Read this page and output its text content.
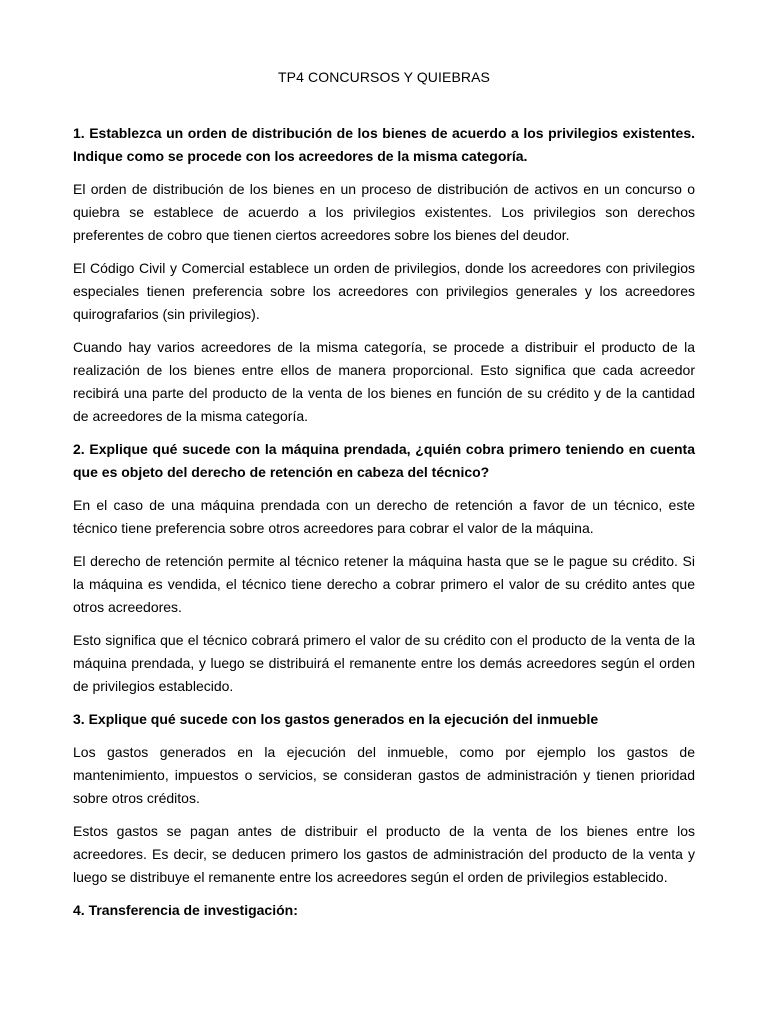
TP4 CONCURSOS Y QUIEBRAS

1. Establezca un orden de distribución de los bienes de acuerdo a los privilegios existentes. Indique como se procede con los acreedores de la misma categoría.

El orden de distribución de los bienes en un proceso de distribución de activos en un concurso o quiebra se establece de acuerdo a los privilegios existentes. Los privilegios son derechos preferentes de cobro que tienen ciertos acreedores sobre los bienes del deudor.

El Código Civil y Comercial establece un orden de privilegios, donde los acreedores con privilegios especiales tienen preferencia sobre los acreedores con privilegios generales y los acreedores quirografarios (sin privilegios).

Cuando hay varios acreedores de la misma categoría, se procede a distribuir el producto de la realización de los bienes entre ellos de manera proporcional. Esto significa que cada acreedor recibirá una parte del producto de la venta de los bienes en función de su crédito y de la cantidad de acreedores de la misma categoría.

2. Explique qué sucede con la máquina prendada, ¿quién cobra primero teniendo en cuenta que es objeto del derecho de retención en cabeza del técnico?

En el caso de una máquina prendada con un derecho de retención a favor de un técnico, este técnico tiene preferencia sobre otros acreedores para cobrar el valor de la máquina.

El derecho de retención permite al técnico retener la máquina hasta que se le pague su crédito. Si la máquina es vendida, el técnico tiene derecho a cobrar primero el valor de su crédito antes que otros acreedores.

Esto significa que el técnico cobrará primero el valor de su crédito con el producto de la venta de la máquina prendada, y luego se distribuirá el remanente entre los demás acreedores según el orden de privilegios establecido.

3. Explique qué sucede con los gastos generados en la ejecución del inmueble

Los gastos generados en la ejecución del inmueble, como por ejemplo los gastos de mantenimiento, impuestos o servicios, se consideran gastos de administración y tienen prioridad sobre otros créditos.

Estos gastos se pagan antes de distribuir el producto de la venta de los bienes entre los acreedores. Es decir, se deducen primero los gastos de administración del producto de la venta y luego se distribuye el remanente entre los acreedores según el orden de privilegios establecido.

4. Transferencia de investigación:
